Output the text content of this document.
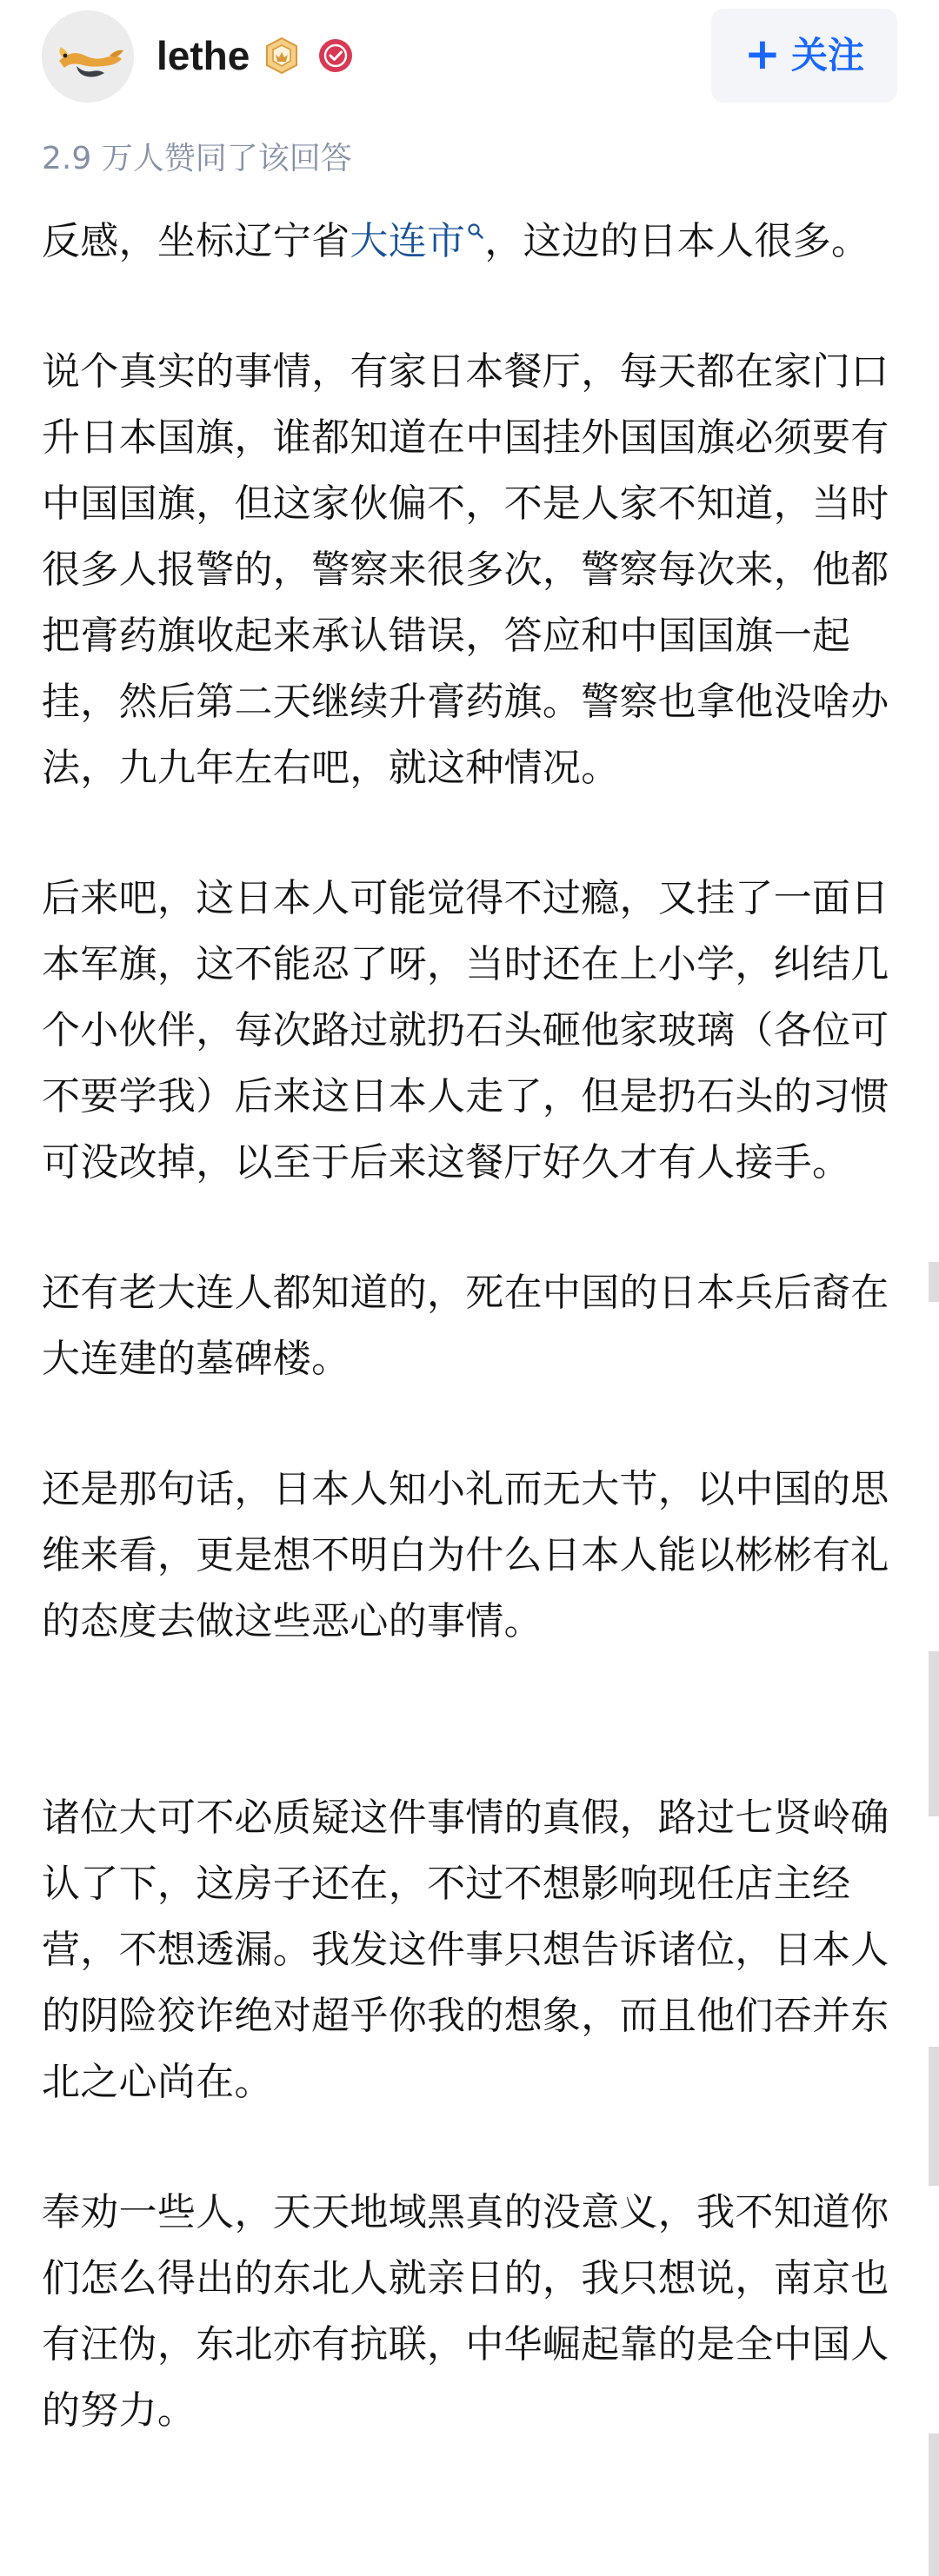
lethe	+ 关注
2.9 万人赞同了该回答

反感，坐标辽宁省大连市 ，这边的日本人很多。

说个真实的事情，有家日本餐厅，每天都在家门口升日本国旗，谁都知道在中国挂外国国旗必须要有中国国旗，但这家伙偏不，不是人家不知道，当时很多人报警的，警察来很多次，警察每次来，他都把膏药旗收起来承认错误，答应和中国国旗一起挂，然后第二天继续升膏药旗。警察也拿他没啥办法，九九年左右吧，就这种情况。

后来吧，这日本人可能觉得不过瘾，又挂了一面日本军旗，这不能忍了呀，当时还在上小学，纠结几个小伙伴，每次路过就扔石头砸他家玻璃（各位可不要学我）后来这日本人走了，但是扔石头的习惯可没改掉，以至于后来这餐厅好久才有人接手。

还有老大连人都知道的，死在中国的日本兵后裔在大连建的墓碑楼。

还是那句话，日本人知小礼而无大节，以中国的思维来看，更是想不明白为什么日本人能以彬彬有礼的态度去做这些恶心的事情。

诸位大可不必质疑这件事情的真假，路过七贤岭确认了下，这房子还在，不过不想影响现任店主经营，不想透漏。我发这件事只想告诉诸位，日本人的阴险狡诈绝对超乎你我的想象，而且他们吞并东北之心尚在。

奉劝一些人，天天地域黑真的没意义，我不知道你们怎么得出的东北人就亲日的，我只想说，南京也有汪伪，东北亦有抗联，中华崛起靠的是全中国人的努力。
